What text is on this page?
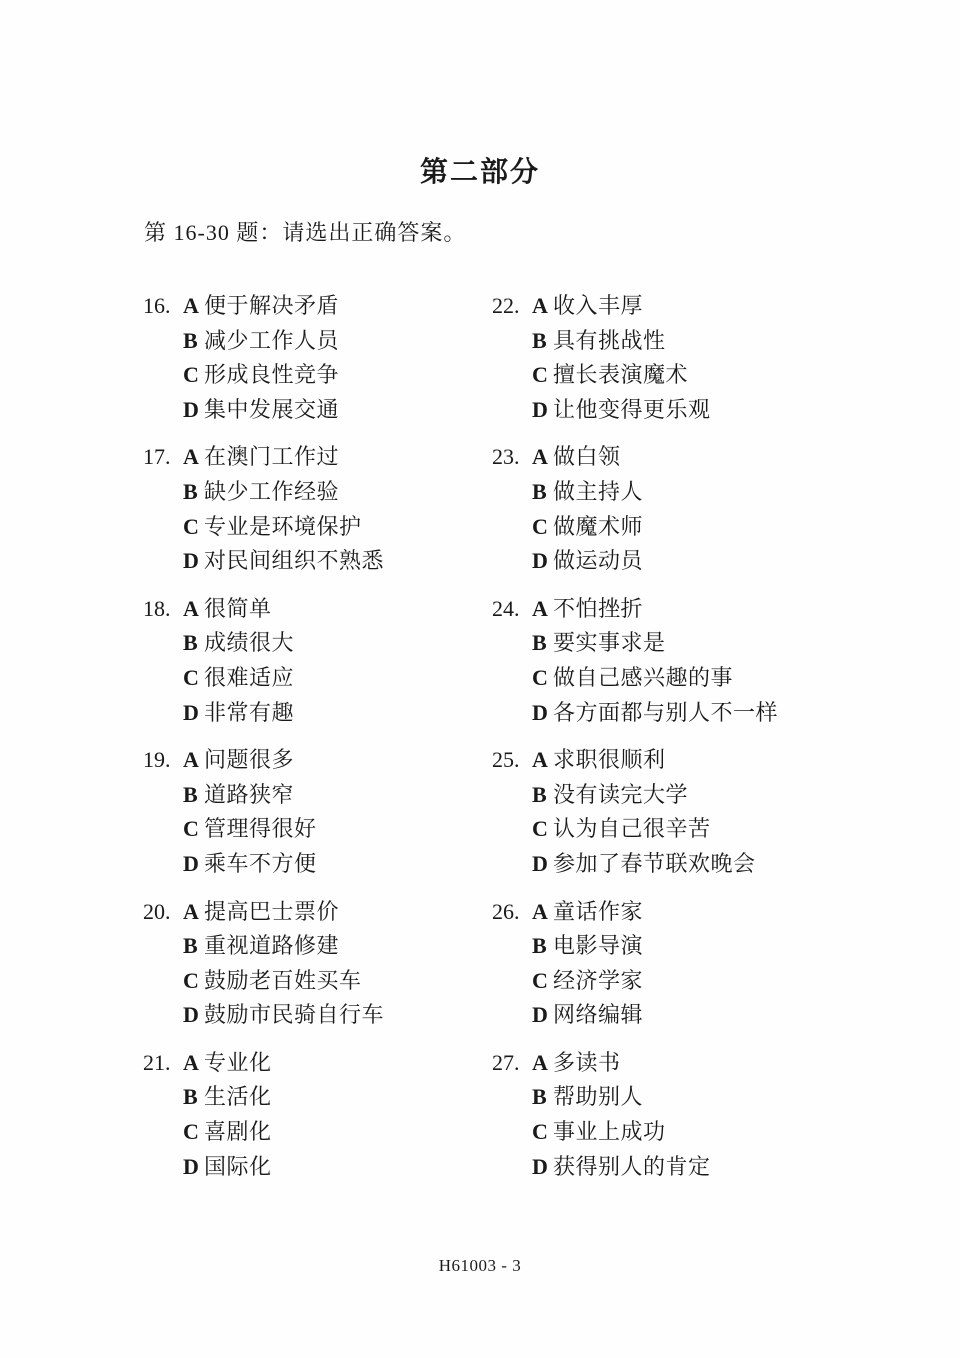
第二部分

第 16-30 题：请选出正确答案。

16. A 便于解决矛盾
B 减少工作人员
C 形成良性竞争
D 集中发展交通
17. A 在澳门工作过
B 缺少工作经验
C 专业是环境保护
D 对民间组织不熟悉
18. A 很简单
B 成绩很大
C 很难适应
D 非常有趣
19. A 问题很多
B 道路狭窄
C 管理得很好
D 乘车不方便
20. A 提高巴士票价
B 重视道路修建
C 鼓励老百姓买车
D 鼓励市民骑自行车
21. A 专业化
B 生活化
C 喜剧化
D 国际化
22. A 收入丰厚
B 具有挑战性
C 擅长表演魔术
D 让他变得更乐观
23. A 做白领
B 做主持人
C 做魔术师
D 做运动员
24. A 不怕挫折
B 要实事求是
C 做自己感兴趣的事
D 各方面都与别人不一样
25. A 求职很顺利
B 没有读完大学
C 认为自己很辛苦
D 参加了春节联欢晚会
26. A 童话作家
B 电影导演
C 经济学家
D 网络编辑
27. A 多读书
B 帮助别人
C 事业上成功
D 获得别人的肯定
H61003 - 3
